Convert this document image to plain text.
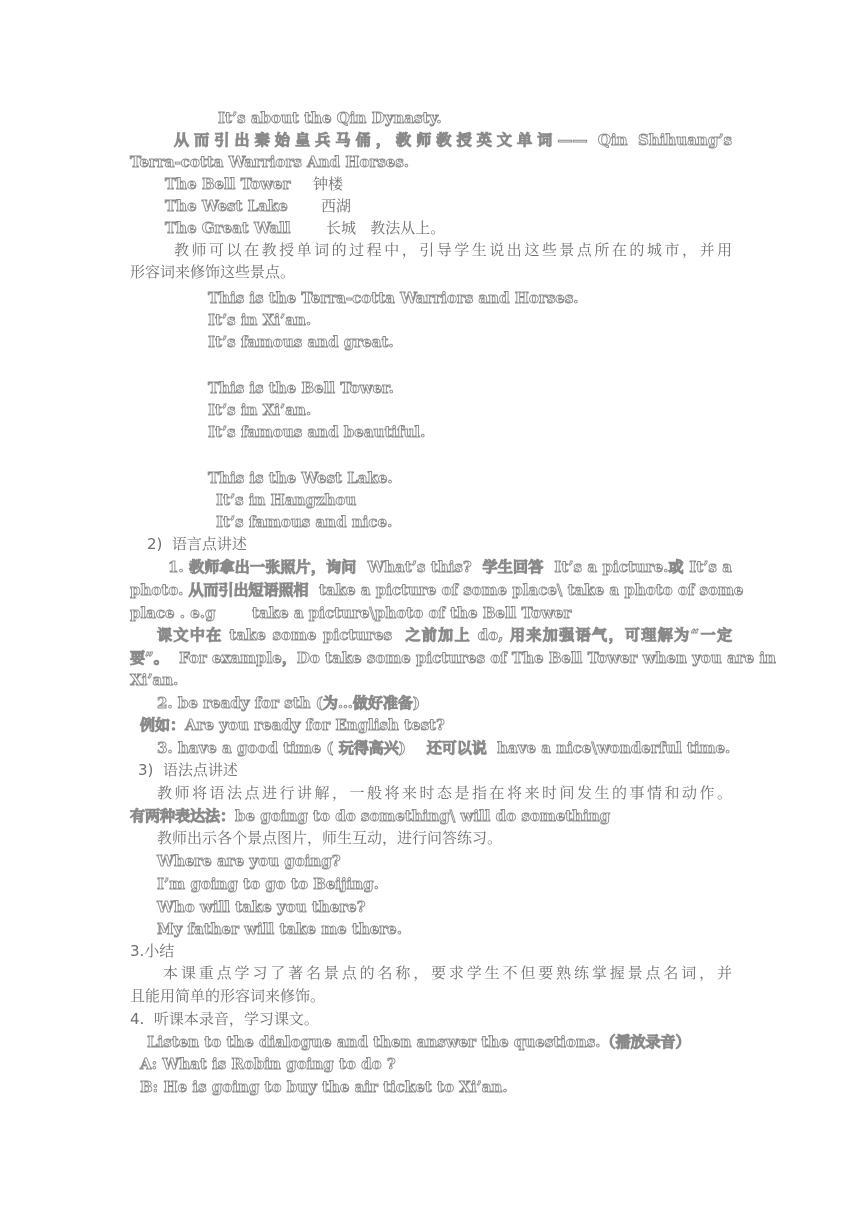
It’s about the Qin Dynasty.
从而引出秦始皇兵马俑，教师教授英文单词—— Qin Shihuang’s
Terra-cotta Warriors And Horses.
The Bell Tower 钟楼
The West Lake 西湖
The Great Wall 长城   教法从上。
教师可以在教授单词的过程中，引导学生说出这些景点所在的城市，并用
形容词来修饰这些景点。
This is the Terra-cotta Warriors and Horses.
It’s in Xi’an.
It’s famous and great.
This is the Bell Tower.
It’s in Xi’an.
It’s famous and beautiful.
This is the West Lake.
It’s in Hangzhou
It’s famous and nice.
2)  语言点讲述
1. 教师拿出一张照片，询问  What’s this?  学生回答  It’s a picture.或 It’s a
photo. 从而引出短语照相  take a picture of some place\ take a photo of some
place . e.g       take a picture\photo of the Bell Tower
课文中在 take some pictures  之前加上 do, 用来加强语气，可理解为“一定
要”。  For example，Do take some pictures of The Bell Tower when you are in
Xi’an.
2. be ready for sth (为…做好准备)
例如：Are you ready for English test?
3. have a good time ( 玩得高兴)    还可以说  have a nice\wonderful time.
3)  语法点讲述
教师将语法点进行讲解，一般将来时态是指在将来时间发生的事情和动作。
有两种表达法：be going to do something\ will do something
教师出示各个景点图片，师生互动，进行问答练习。
Where are you going?
I’m going to go to Beijing.
Who will take you there?
My father will take me there.
3.小结
本课重点学习了著名景点的名称，要求学生不但要熟练掌握景点名词，并
且能用简单的形容词来修饰。
4.  听课本录音，学习课文。
Listen to the dialogue and then answer the questions.（播放录音）
A: What is Robin going to do ?
B: He is going to buy the air ticket to Xi’an.
